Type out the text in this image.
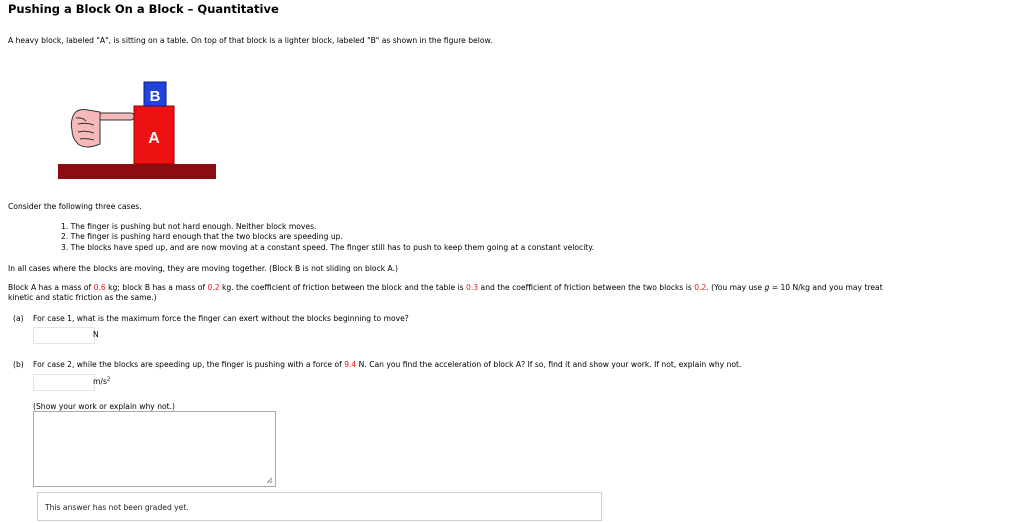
Pushing a Block On a Block – Quantitative
A heavy block, labeled "A", is sitting on a table. On top of that block is a lighter block, labeled "B" as shown in the figure below.
A
B
Consider the following three cases.
1. The finger is pushing but not hard enough. Neither block moves.
2. The finger is pushing hard enough that the two blocks are speeding up.
3. The blocks have sped up, and are now moving at a constant speed. The finger still has to push to keep them going at a constant velocity.
In all cases where the blocks are moving, they are moving together. (Block B is not sliding on block A.)
Block A has a mass of 0.6 kg; block B has a mass of 0.2 kg. the coefficient of friction between the block and the table is 0.3 and the coefficient of friction between the two blocks is 0.2. (You may use g = 10 N/kg and you may treat
kinetic and static friction as the same.)
(a) For case 1, what is the maximum force the finger can exert without the blocks beginning to move?
N
(b) For case 2, while the blocks are speeding up, the finger is pushing with a force of 9.4 N. Can you find the acceleration of block A? If so, find it and show your work. If not, explain why not.
$m/s^2$
(Show your work or explain why not.)
This answer has not been graded yet.
